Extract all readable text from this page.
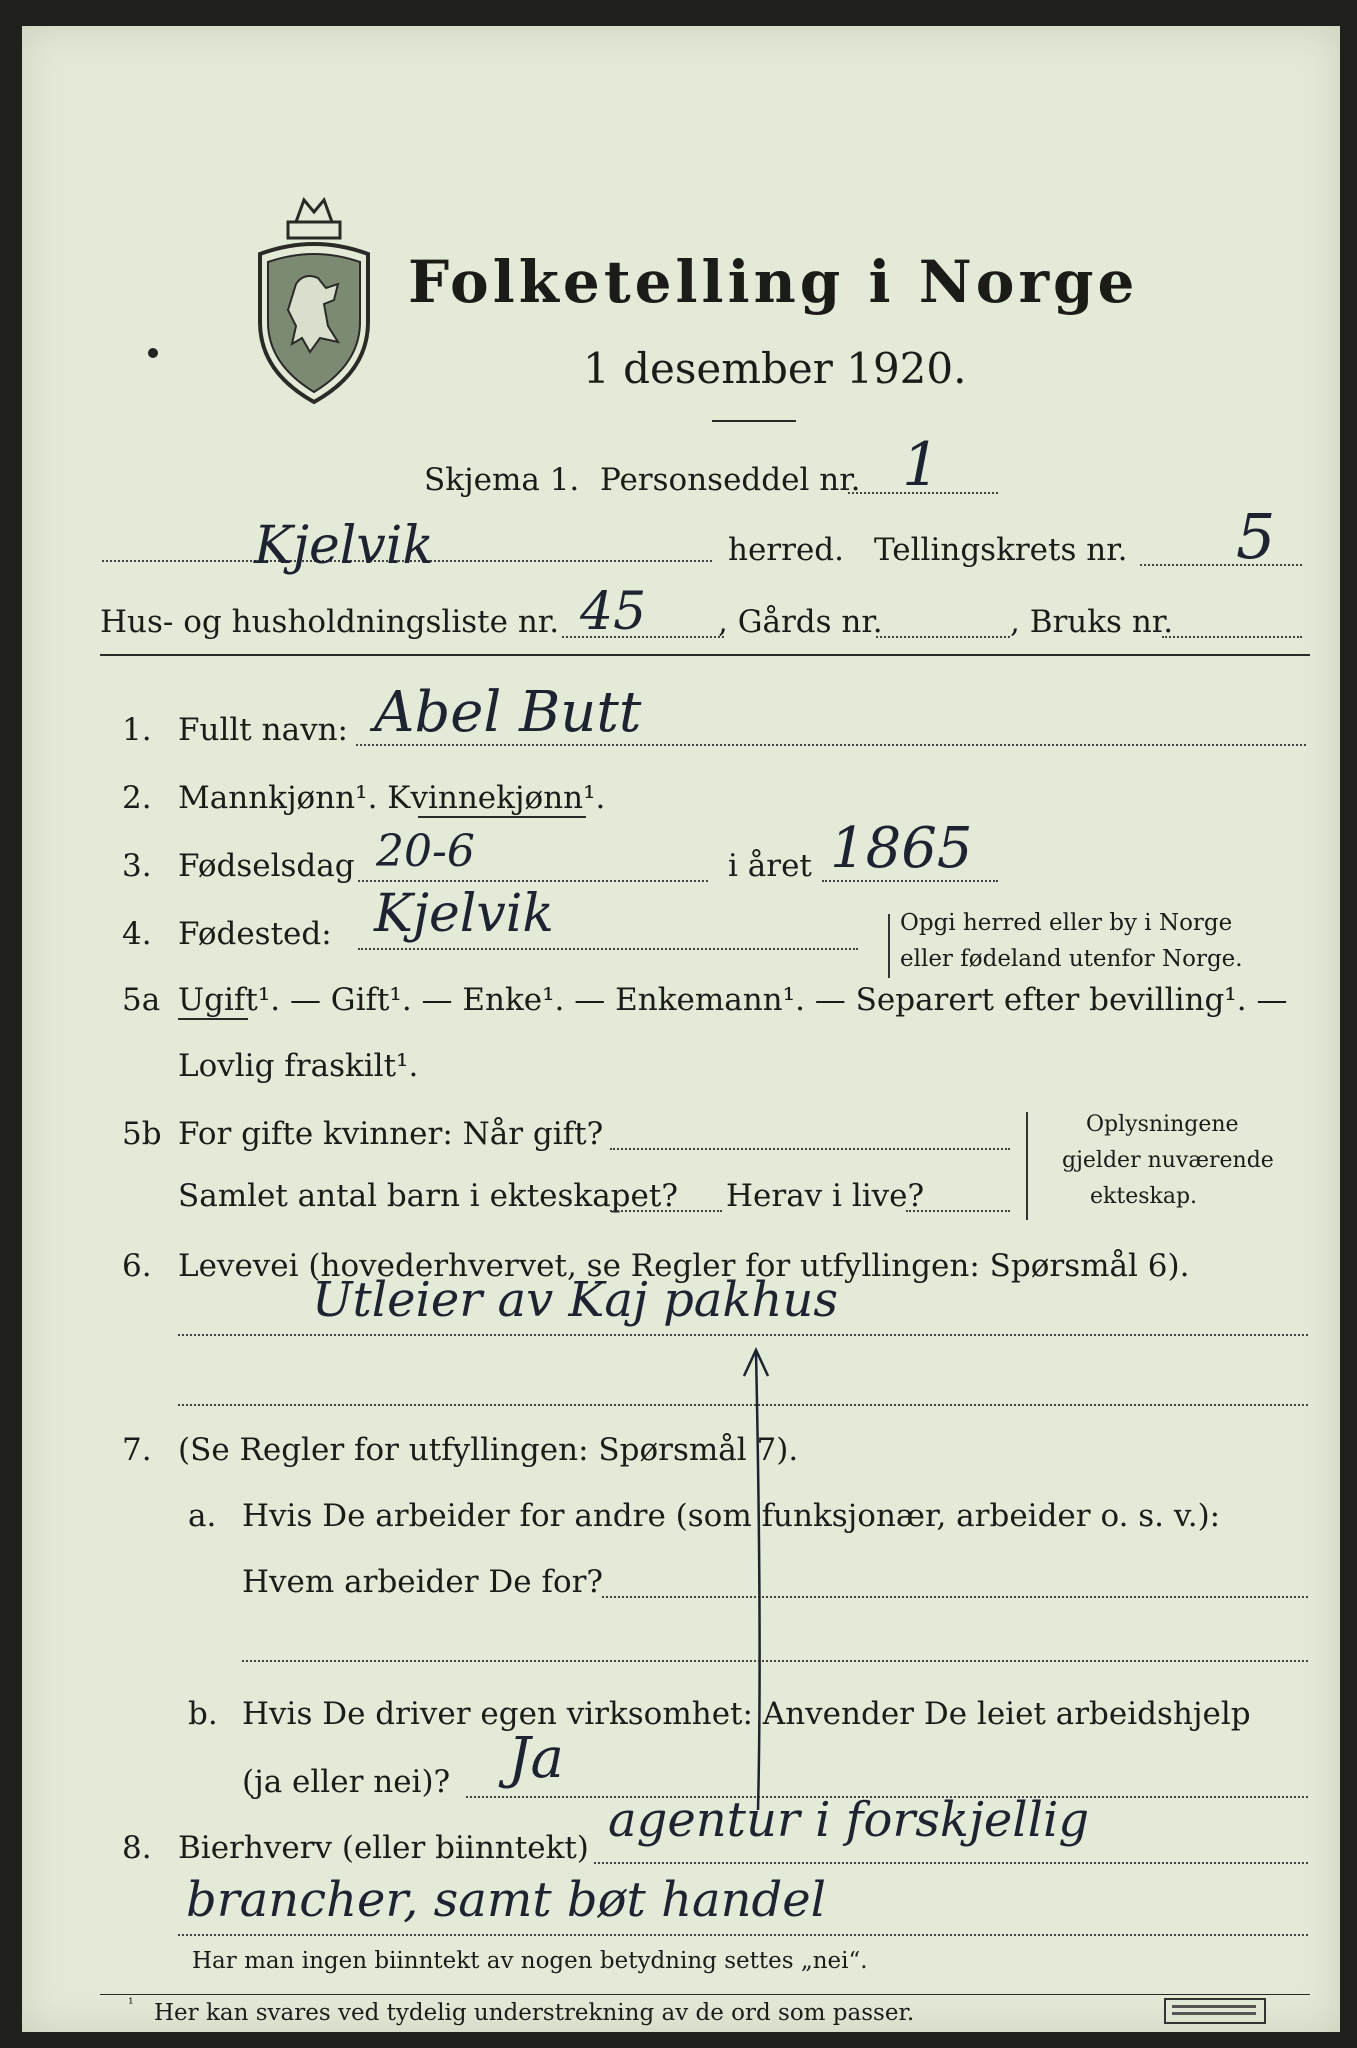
Folketelling i Norge
1 desember 1920.
Skjema 1. Personseddel nr. 1
Kjelvik	herred. Tellingskrets nr. 5
Hus- og husholdningsliste nr. 45 , Gårds nr.	, Bruks nr.
1. Fullt navn: Abel Butt
2. Mannkjønn¹. Kvinnekjønn¹.
3. Fødselsdag 20-6	i året 1865
4. Fødested: Kjelvik	Opgi herred eller by i Norge
eller fødeland utenfor Norge.
5a Ugift¹. — Gift¹. — Enke¹. — Enkemann¹. — Separert efter bevilling¹. —
Lovlig fraskilt¹.
5b For gifte kvinner: Når gift?
Samlet antal barn i ekteskapet? Herav i live?
Oplysningene
gjelder nuværende
ekteskap.
6. Levevei (hovederhvervet, se Regler for utfyllingen: Spørsmål 6).
Utleier av Kaj pakhus
7. (Se Regler for utfyllingen: Spørsmål 7).
a. Hvis De arbeider for andre (som funksjonær, arbeider o. s. v.):
Hvem arbeider De for?
b. Hvis De driver egen virksomhet: Anvender De leiet arbeidshjelp
(ja eller nei)? Ja
8. Bierhverv (eller biinntekt) agentur i forskjellig
brancher, samt bøt handel
Har man ingen biinntekt av nogen betydning settes „nei“.
¹ Her kan svares ved tydelig understrekning av de ord som passer.
